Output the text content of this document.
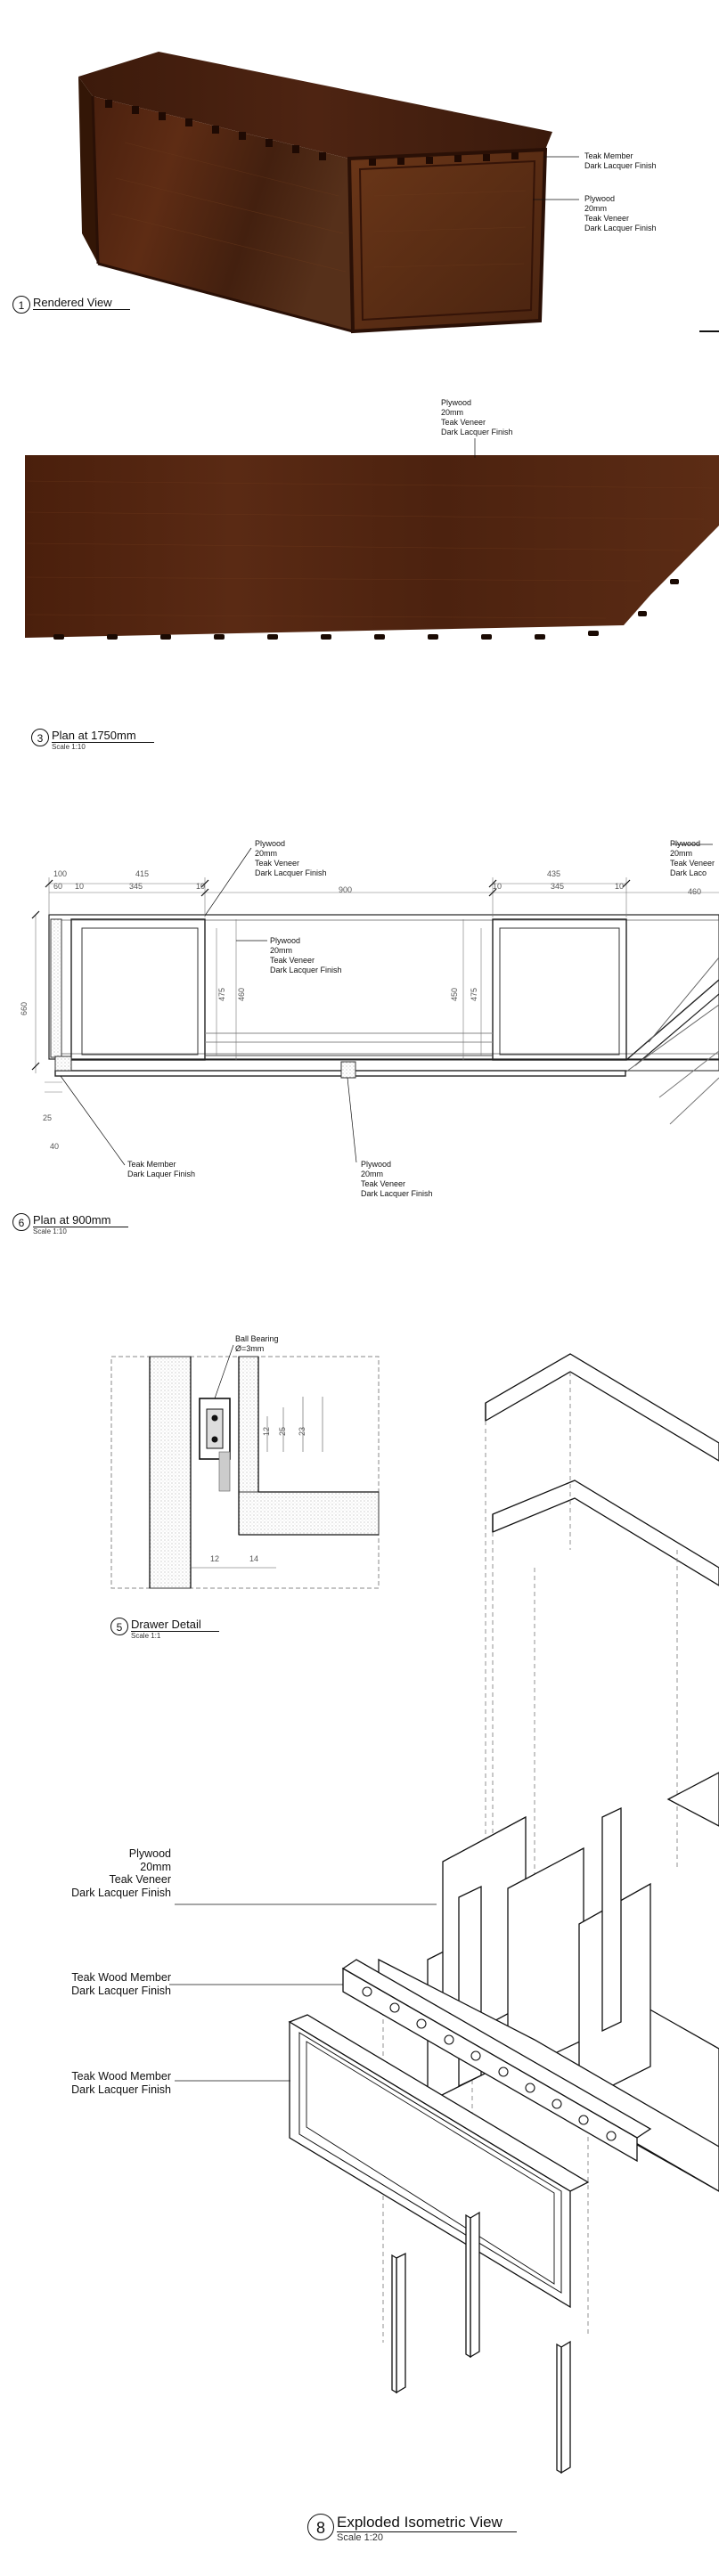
Teak Member
Dark Lacquer Finish
Plywood
20mm
Teak Veneer
Dark Lacquer Finish
1 Rendered View
Plywood
20mm
Teak Veneer
Dark Lacquer Finish
3 Plan at 1750mm
Scale 1:10
Plywood
20mm
Teak Veneer
Dark Lacquer Finish
Plywood
20mm
Teak Veneer
Dark Lacquer Finish
Plywood
20mm
Teak Veneer
Dark Laco
Plywood
20mm
Teak Veneer
Dark Lacquer Finish
Teak Member
Dark Laquer Finish
100	415
60 10	345	10	900
435
10	345	10
460
660
475 460	450 475
25
40
6 Plan at 900mm
Scale 1:10
Ball Bearing
Ø=3mm
12 25 23
12	14
5 Drawer Detail
Scale 1:1
Plywood
20mm
Teak Veneer
Dark Lacquer Finish
Teak Wood Member
Dark Lacquer Finish
Teak Wood Member
Dark Lacquer Finish
8 Exploded Isometric View
Scale 1:20
